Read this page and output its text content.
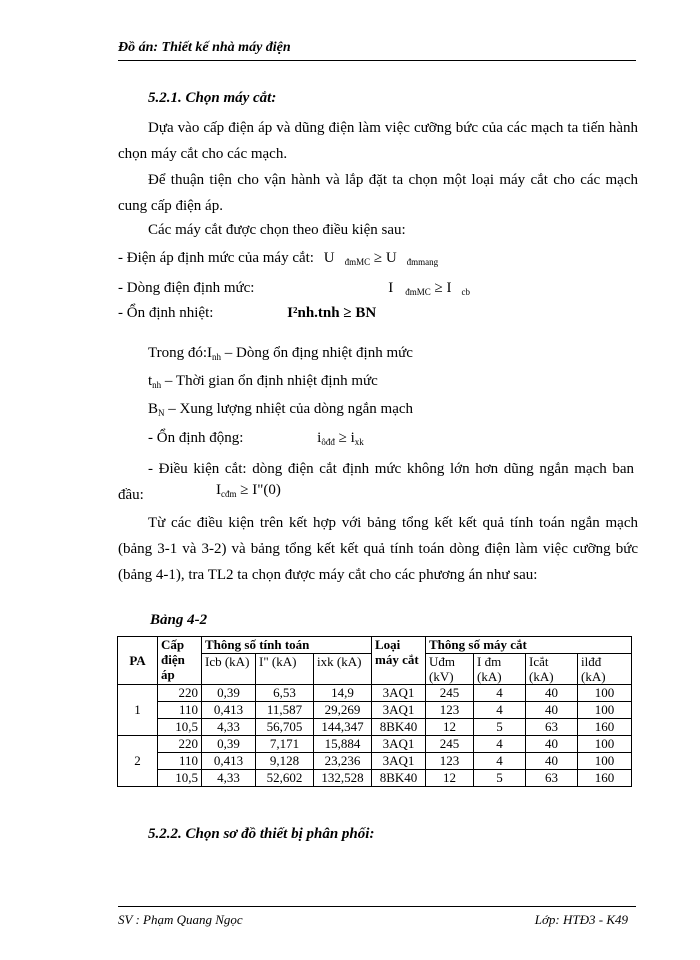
Đồ án: Thiết kế nhà máy điện
5.2.1. Chọn máy cắt:
Dựa vào cấp điện áp và dũng điện làm việc cưỡng bức của các mạch ta tiến hành chọn máy cắt cho các mạch.
Để thuận tiện cho vận hành và lắp đặt ta chọn một loại máy cắt cho các mạch cung cấp điện áp.
Các máy cắt được chọn theo điều kiện sau:
- Điện áp định mức của máy cắt: U $_{đmMC}$ ≥ U $_{đmmang}$
- Dòng điện định mức:	I $_{đmMC}$ ≥ I $_{cb}$
- Ổn định nhiệt:	I²nh.tnh ≥ BN
Trong $đó:I_{nh}$ – Dòng ổn địng nhiệt định mức
$t_{nh}$ – Thời gian ổn định nhiệt định mức
$B_N$ – Xung lượng nhiệt của dòng ngắn mạch
- Ổn định động:	$i_{ôđđ} \ge i_{xk}$
- Điều kiện cắt: dòng điện cắt định mức không lớn hơn dũng ngắn mạch ban đầu:	$I_{cđm}$ ≥ I"(0)
Từ các điều kiện trên kết hợp với bảng tổng kết kết quả tính toán ngắn mạch (bảng 3-1 và 3-2) và bảng tổng kết kết quả tính toán dòng điện làm việc cưỡng bức (bảng 4-1), tra TL2 ta chọn được máy cắt cho các phương án như sau:
Bảng 4-2
PA	Cấp điện áp	Thông số tính toán			Loại máy cắt	Thông số máy cắt			
		Icb (kA)	I" (kA)	ixk (kA)		Uđm (kV)	I đm (kA)	Icắt (kA)	ilđđ (kA)
1	220	0,39	6,53	14,9	3AQ1	245	4	40	100
	110	0,413	11,587	29,269	3AQ1	123	4	40	100
	10,5	4,33	56,705	144,347	8BK40	12	5	63	160
2	220	0,39	7,171	15,884	3AQ1	245	4	40	100
	110	0,413	9,128	23,236	3AQ1	123	4	40	100
	10,5	4,33	52,602	132,528	8BK40	12	5	63	160
5.2.2. Chọn sơ đồ thiết bị phân phối:
SV : Phạm Quang Ngọc	Lớp: HTĐ3 - K49
